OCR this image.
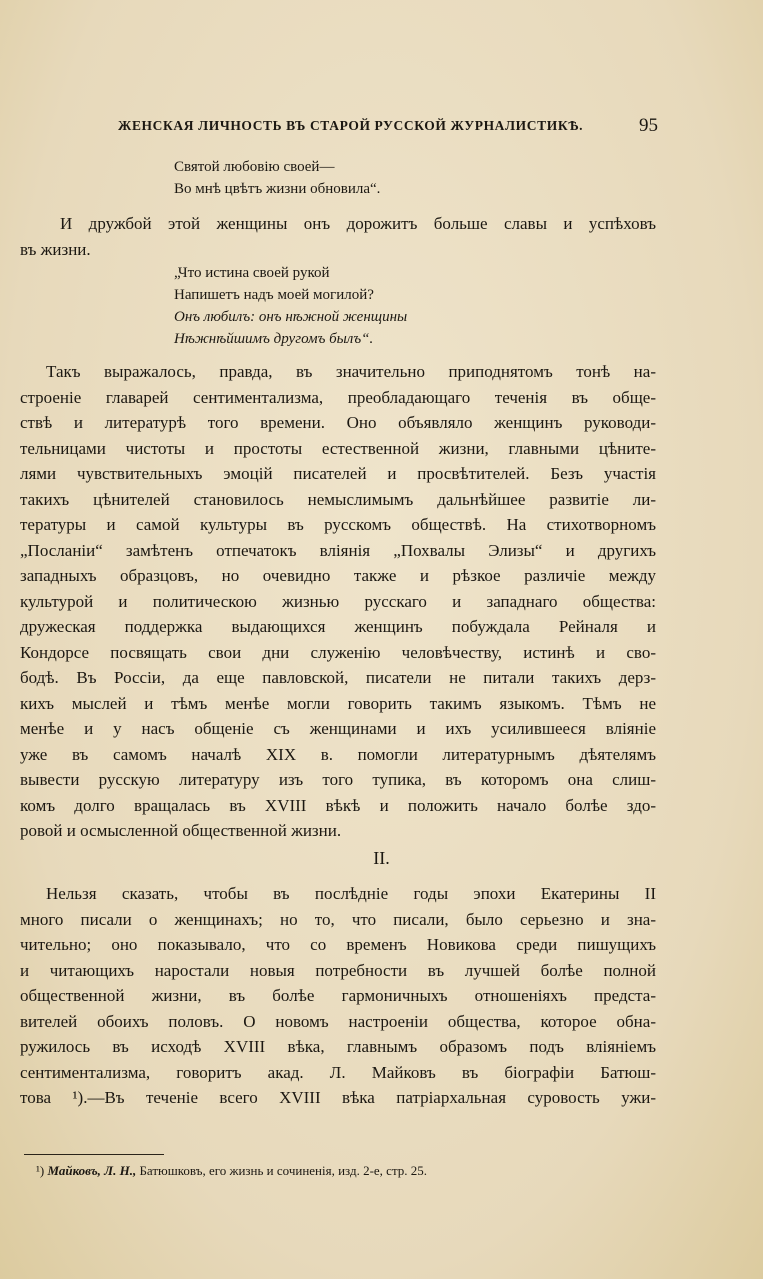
ЖЕНСКАЯ ЛИЧНОСТЬ ВЪ СТАРОЙ РУССКОЙ ЖУРНАЛИСТИКѢ.	95
Святой любовію своей—
Во мнѣ цвѣтъ жизни обновила“.
И дружбой этой женщины онъ дорожитъ больше славы и успѣховъ
въ жизни.
„Что истина своей рукой
Напишетъ надъ моей могилой?
Онъ любилъ: онъ нѣжной женщины
Нѣжнѣйшимъ другомъ былъ“.
Такъ выражалось, правда, въ значительно приподнятомъ тонѣ на-
строеніе главарей сентиментализма, преобладающаго теченія въ обще-
ствѣ и литературѣ того времени. Оно объявляло женщинъ руководи-
тельницами чистоты и простоты естественной жизни, главными цѣните-
лями чувствительныхъ эмоцій писателей и просвѣтителей. Безъ участія
такихъ цѣнителей становилось немыслимымъ дальнѣйшее развитіе ли-
тературы и самой культуры въ русскомъ обществѣ. На стихотворномъ
„Посланіи“ замѣтенъ отпечатокъ вліянія „Похвалы Элизы“ и другихъ
западныхъ образцовъ, но очевидно также и рѣзкое различіе между
культурой и политическою жизнью русскаго и западнаго общества:
дружеская поддержка выдающихся женщинъ побуждала Рейналя и
Кондорсе посвящать свои дни служенію человѣчеству, истинѣ и сво-
бодѣ. Въ Россіи, да еще павловской, писатели не питали такихъ дерз-
кихъ мыслей и тѣмъ менѣе могли говорить такимъ языкомъ. Тѣмъ не
менѣе и у насъ общеніе съ женщинами и ихъ усилившееся вліяніе
уже въ самомъ началѣ XIX в. помогли литературнымъ дѣятелямъ
вывести русскую литературу изъ того тупика, въ которомъ она слиш-
комъ долго вращалась въ XVIII вѣкѣ и положить начало болѣе здо-
ровой и осмысленной общественной жизни.
II.
Нельзя сказать, чтобы въ послѣдніе годы эпохи Екатерины II
много писали о женщинахъ; но то, что писали, было серьезно и зна-
чительно; оно показывало, что со временъ Новикова среди пишущихъ
и читающихъ наростали новыя потребности въ лучшей болѣе полной
общественной жизни, въ болѣе гармоничныхъ отношеніяхъ предста-
вителей обоихъ половъ. О новомъ настроеніи общества, которое обна-
ружилось въ исходѣ XVIII вѣка, главнымъ образомъ подъ вліяніемъ
сентиментализма, говоритъ акад. Л. Майковъ въ біографіи Батюш-
това ¹).—Въ теченіе всего XVIII вѣка патріархальная суровость ужи-
¹) Майковъ, Л. Н., Батюшковъ, его жизнь и сочиненія, изд. 2-е, стр. 25.
